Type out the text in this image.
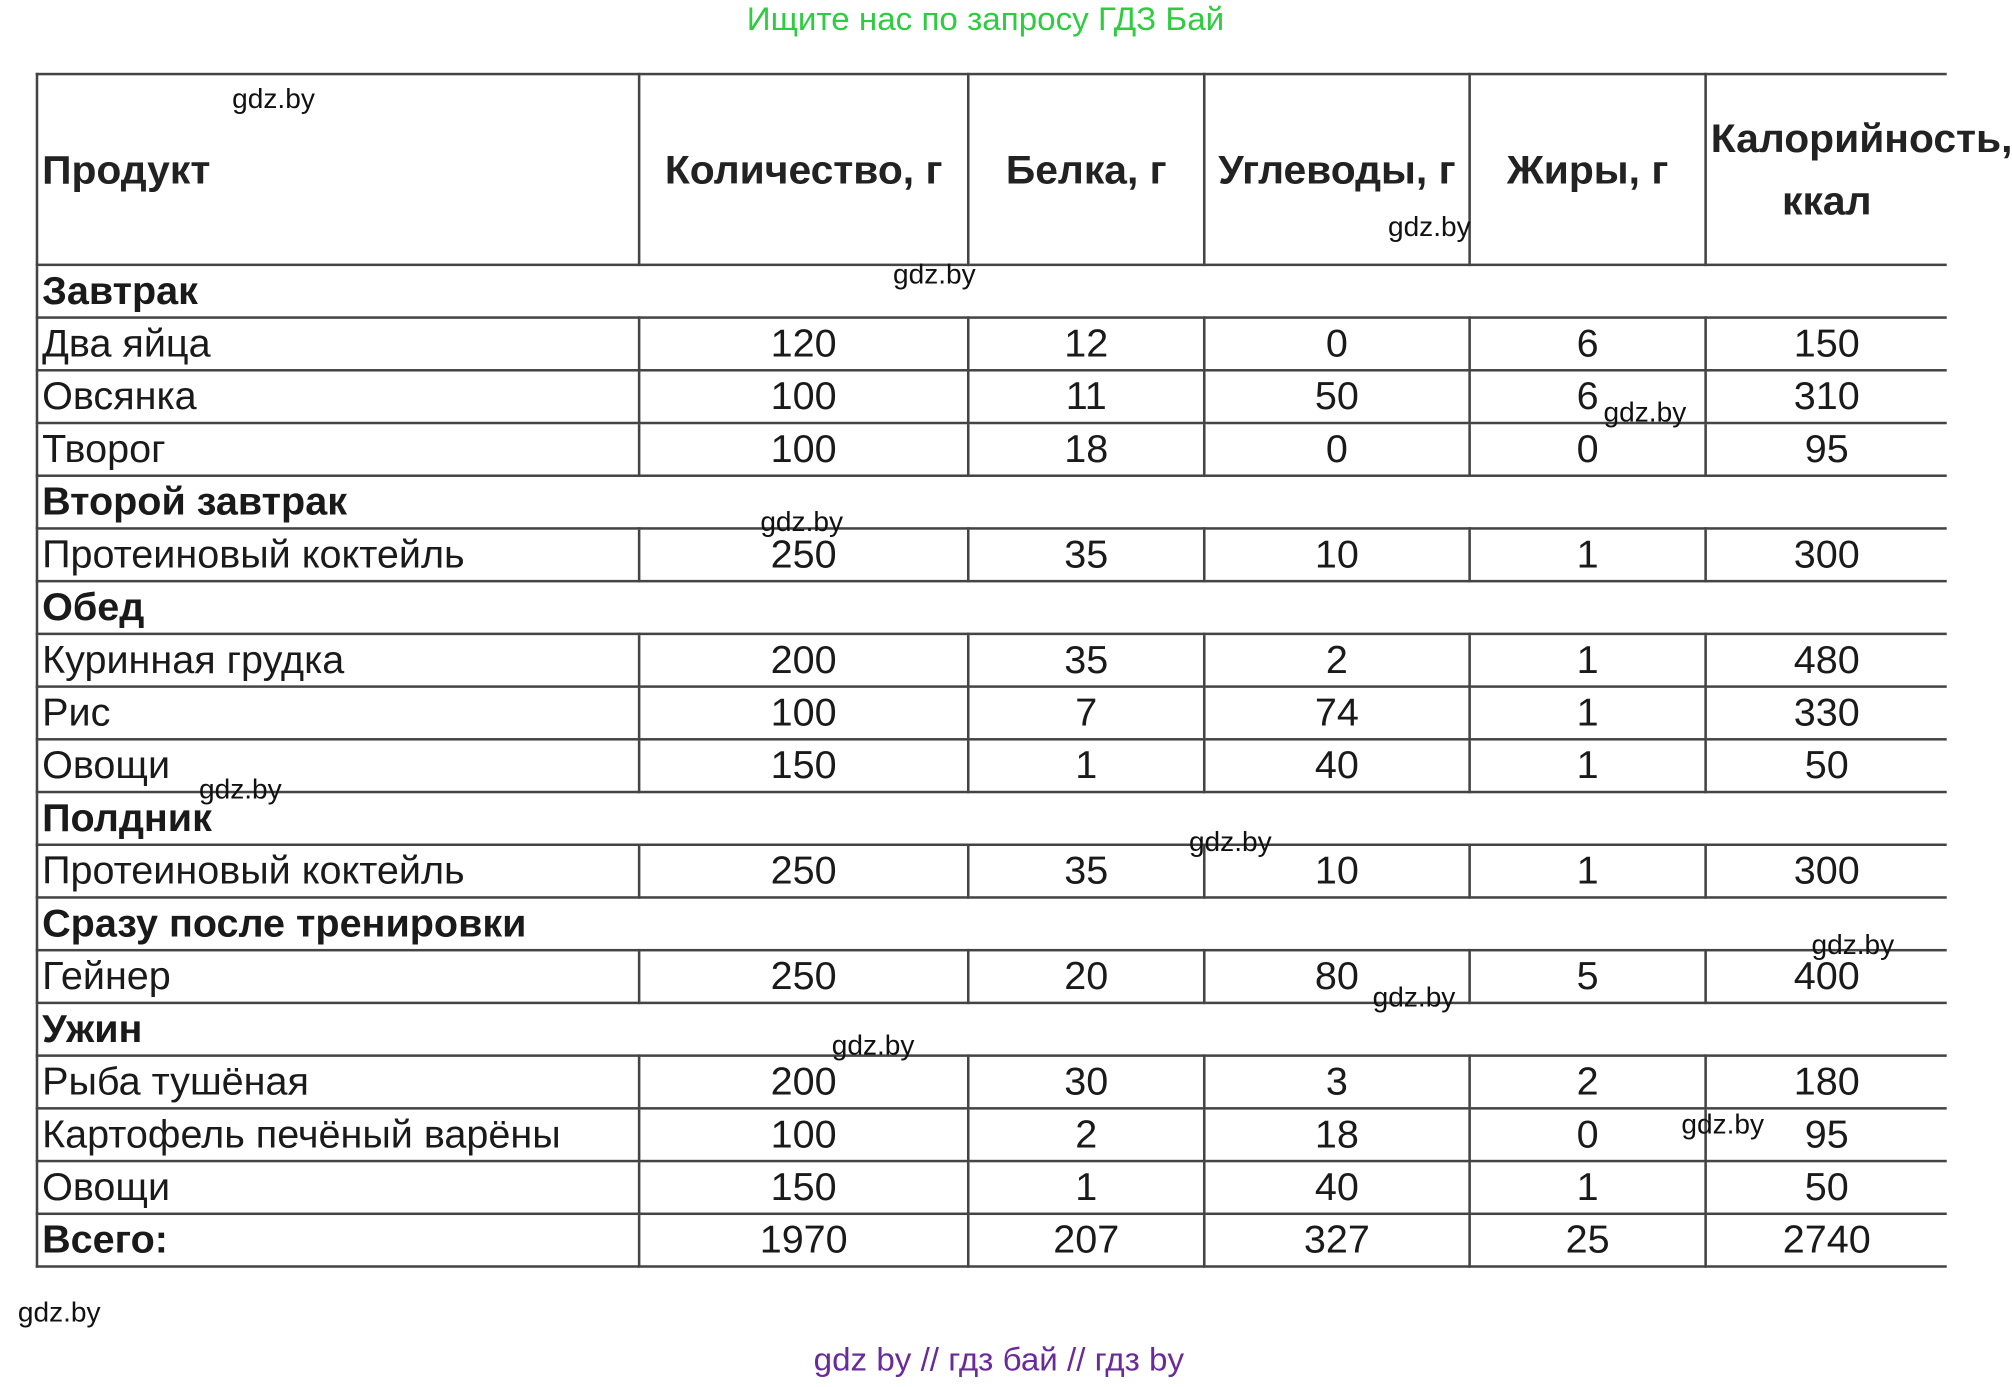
Ищите нас по запросу ГДЗ Бай
Продукт	Количество, г	Белка, г	Углеводы, г	Жиры, г	Калорийность, ккал
Завтрак					
Два яйца	120	12	0	6	150
Овсянка	100	11	50	6	310
Творог	100	18	0	0	95
Второй завтрак					
Протеиновый коктейль	250	35	10	1	300
Обед					
Куринная грудка	200	35	2	1	480
Рис	100	7	74	1	330
Овощи	150	1	40	1	50
Полдник					
Протеиновый коктейль	250	35	10	1	300
Сразу после тренировки					
Гейнер	250	20	80	5	400
Ужин					
Рыба тушёная	200	30	3	2	180
Картофель печёный варёны	100	2	18	0	95
Овощи	150	1	40	1	50
Всего:	1970	207	327	25	2740
gdz by // гдз бай // гдз by
gdz.by
gdz.by
gdz.by
gdz.by
gdz.by
gdz.by
gdz.by
gdz.by
gdz.by
gdz.by
gdz.by
gdz.by
